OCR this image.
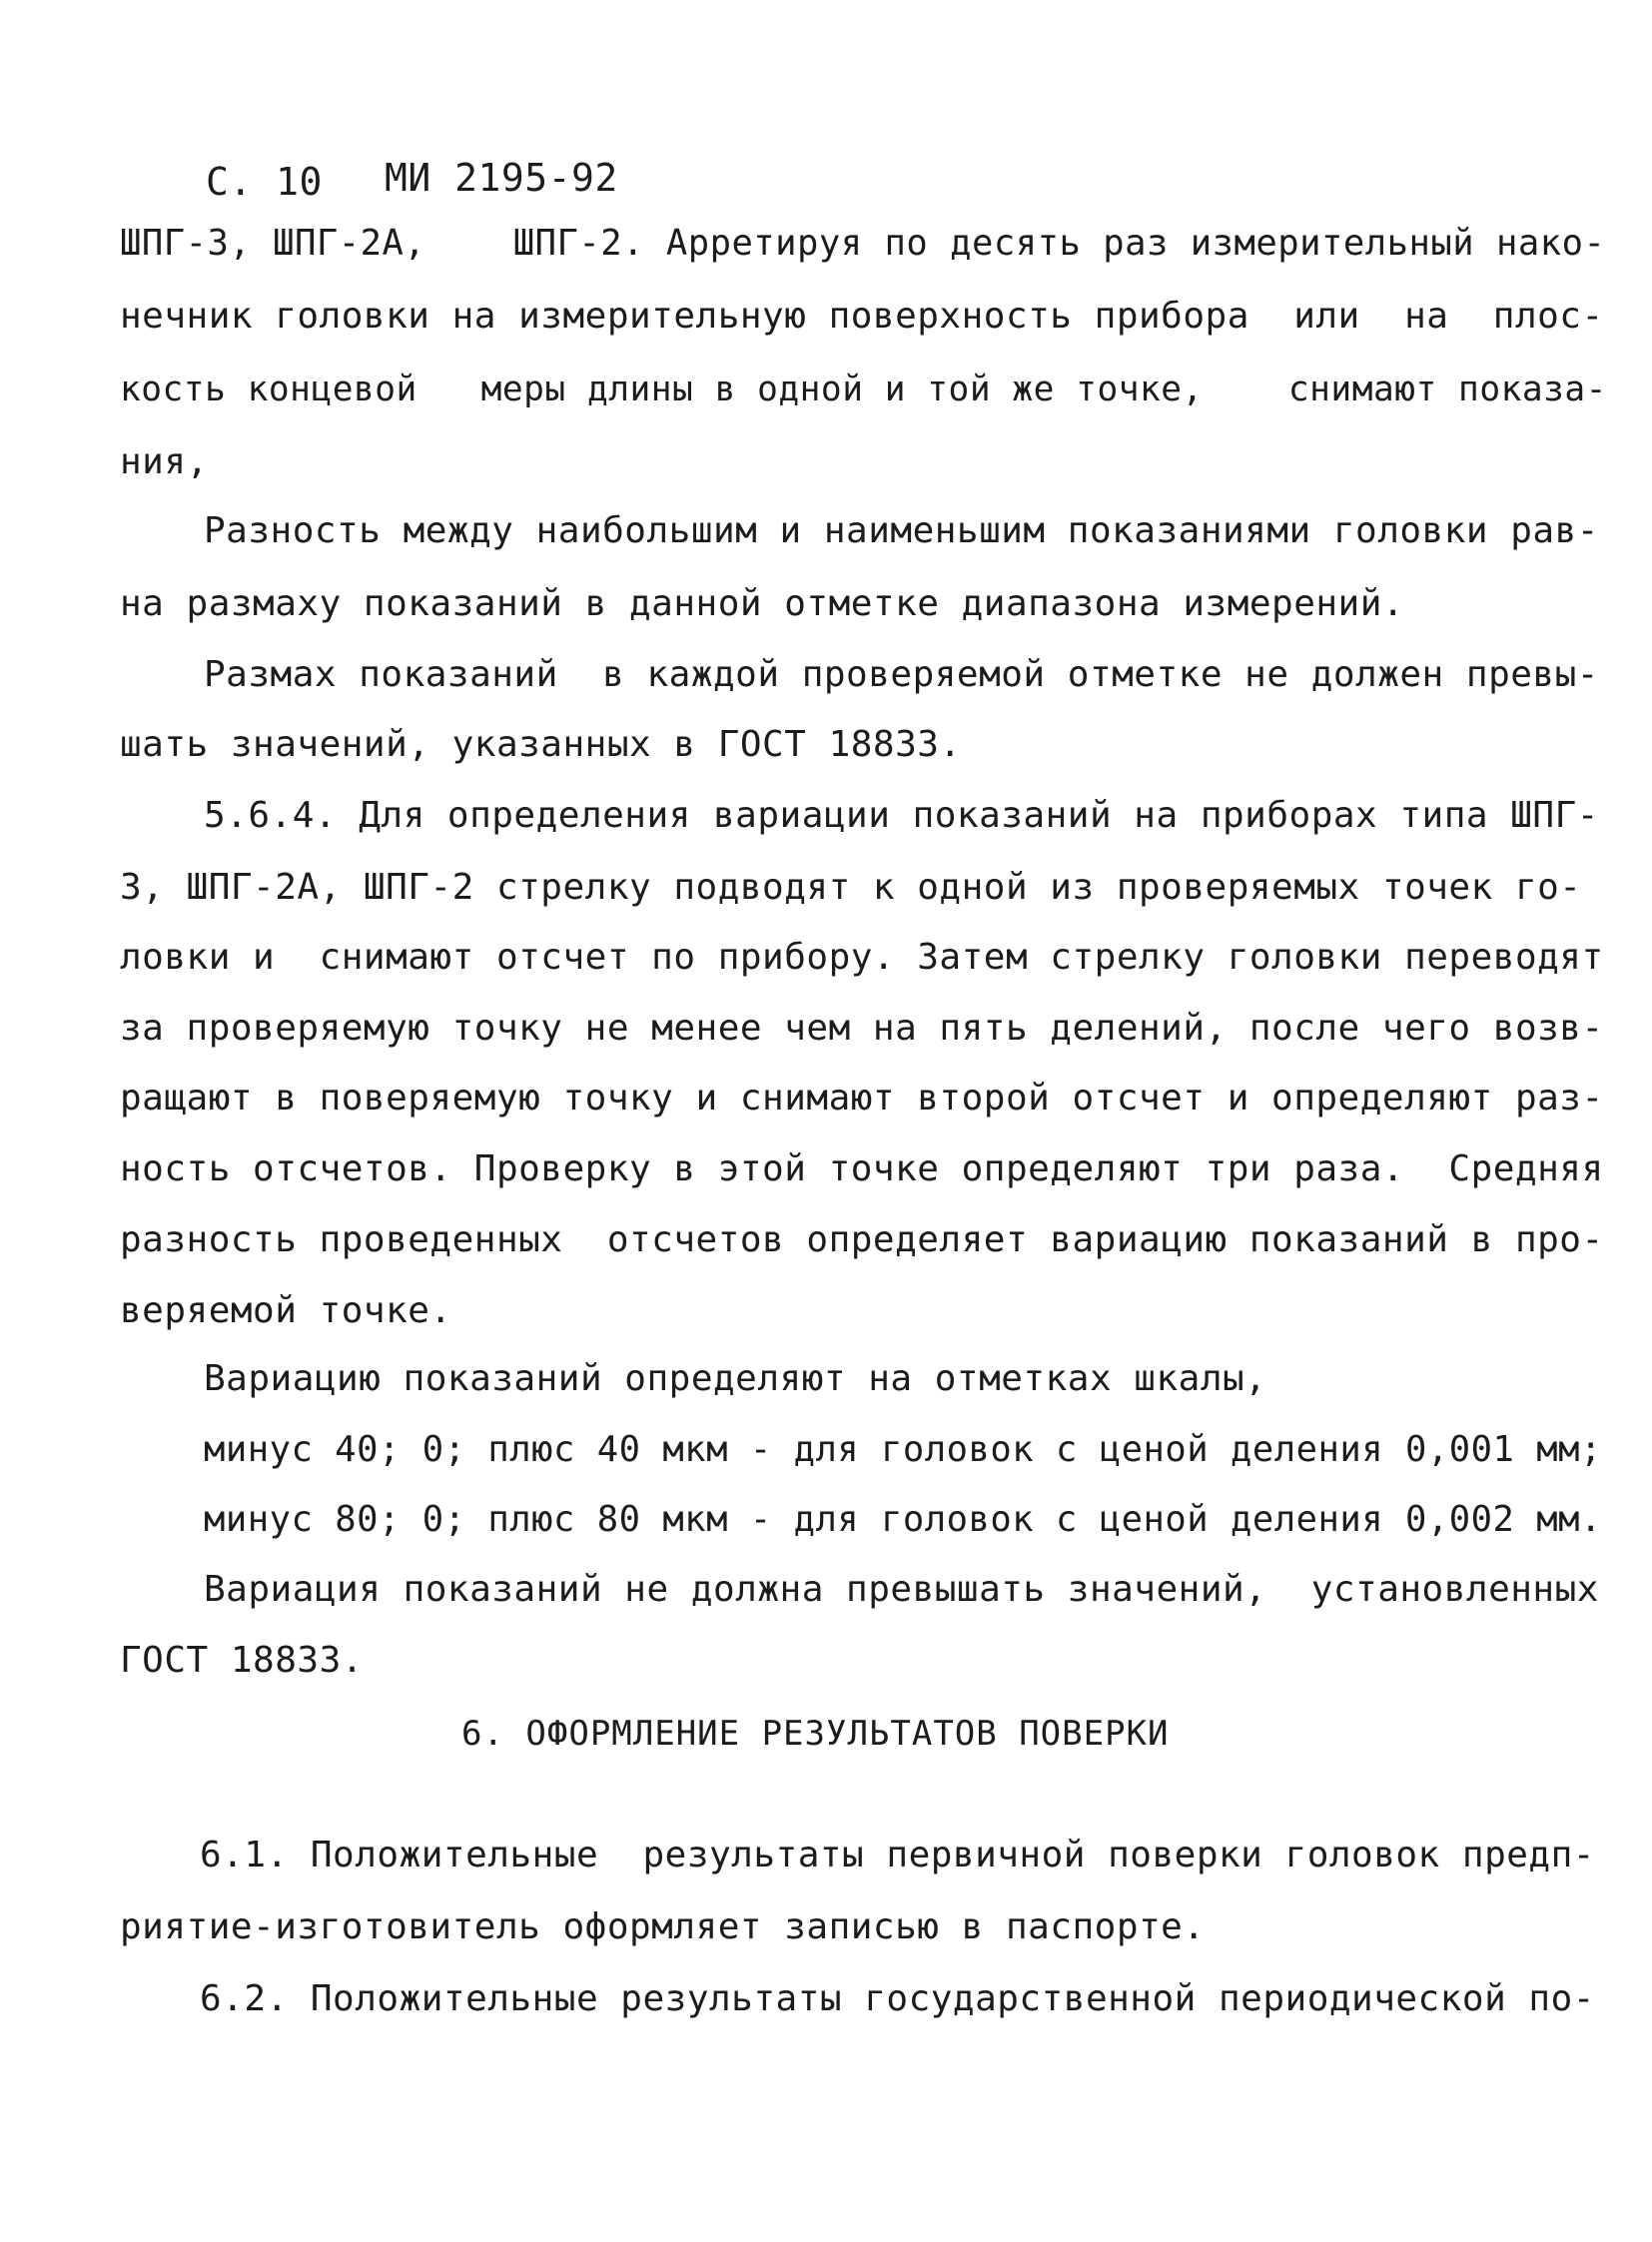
С. 10 МИ 2195-92
ШПГ-3, ШПГ-2А,    ШПГ-2. Арретируя по десять раз измерительный нако-
нечник головки на измерительную поверхность прибора  или  на  плос-
кость концевой   меры длины в одной и той же точке,    снимают показа-
ния,
Разность между наибольшим и наименьшим показаниями головки рав-
на размаху показаний в данной отметке диапазона измерений.
Размах показаний  в каждой проверяемой отметке не должен превы-
шать значений, указанных в ГОСТ 18833.
5.6.4. Для определения вариации показаний на приборах типа ШПГ-
3, ШПГ-2А, ШПГ-2 стрелку подводят к одной из проверяемых точек го-
ловки и  снимают отсчет по прибору. Затем стрелку головки переводят
за проверяемую точку не менее чем на пять делений, после чего возв-
ращают в поверяемую точку и снимают второй отсчет и определяют раз-
ность отсчетов. Проверку в этой точке определяют три раза.  Средняя
разность проведенных  отсчетов определяет вариацию показаний в про-
веряемой точке.
Вариацию показаний определяют на отметках шкалы,
минус 40; 0; плюс 40 мкм - для головок с ценой деления 0,001 мм;
минус 80; 0; плюс 80 мкм - для головок с ценой деления 0,002 мм.
Вариация показаний не должна превышать значений,  установленных
ГОСТ 18833.
6. ОФОРМЛЕНИЕ РЕЗУЛЬТАТОВ ПОВЕРКИ
6.1. Положительные  результаты первичной поверки головок предп-
риятие-изготовитель оформляет записью в паспорте.
6.2. Положительные результаты государственной периодической по-
